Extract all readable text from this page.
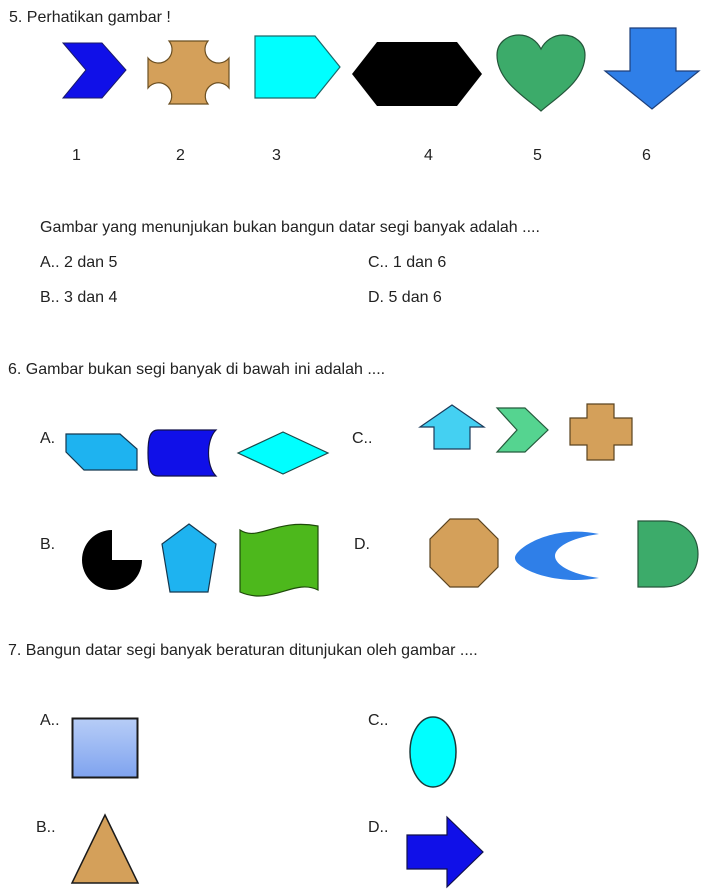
5. Perhatikan gambar !
1	2	3	4	5	6
Gambar yang menunjukan bukan bangun datar segi banyak adalah ....
A.. 2 dan 5	C.. 1 dan 6
B.. 3 dan 4	D. 5 dan 6
6. Gambar bukan segi banyak di bawah ini adalah ....
A.	C..
B.	D.
7. Bangun datar segi banyak beraturan ditunjukan oleh gambar ....
A..	C..
B..	D..
